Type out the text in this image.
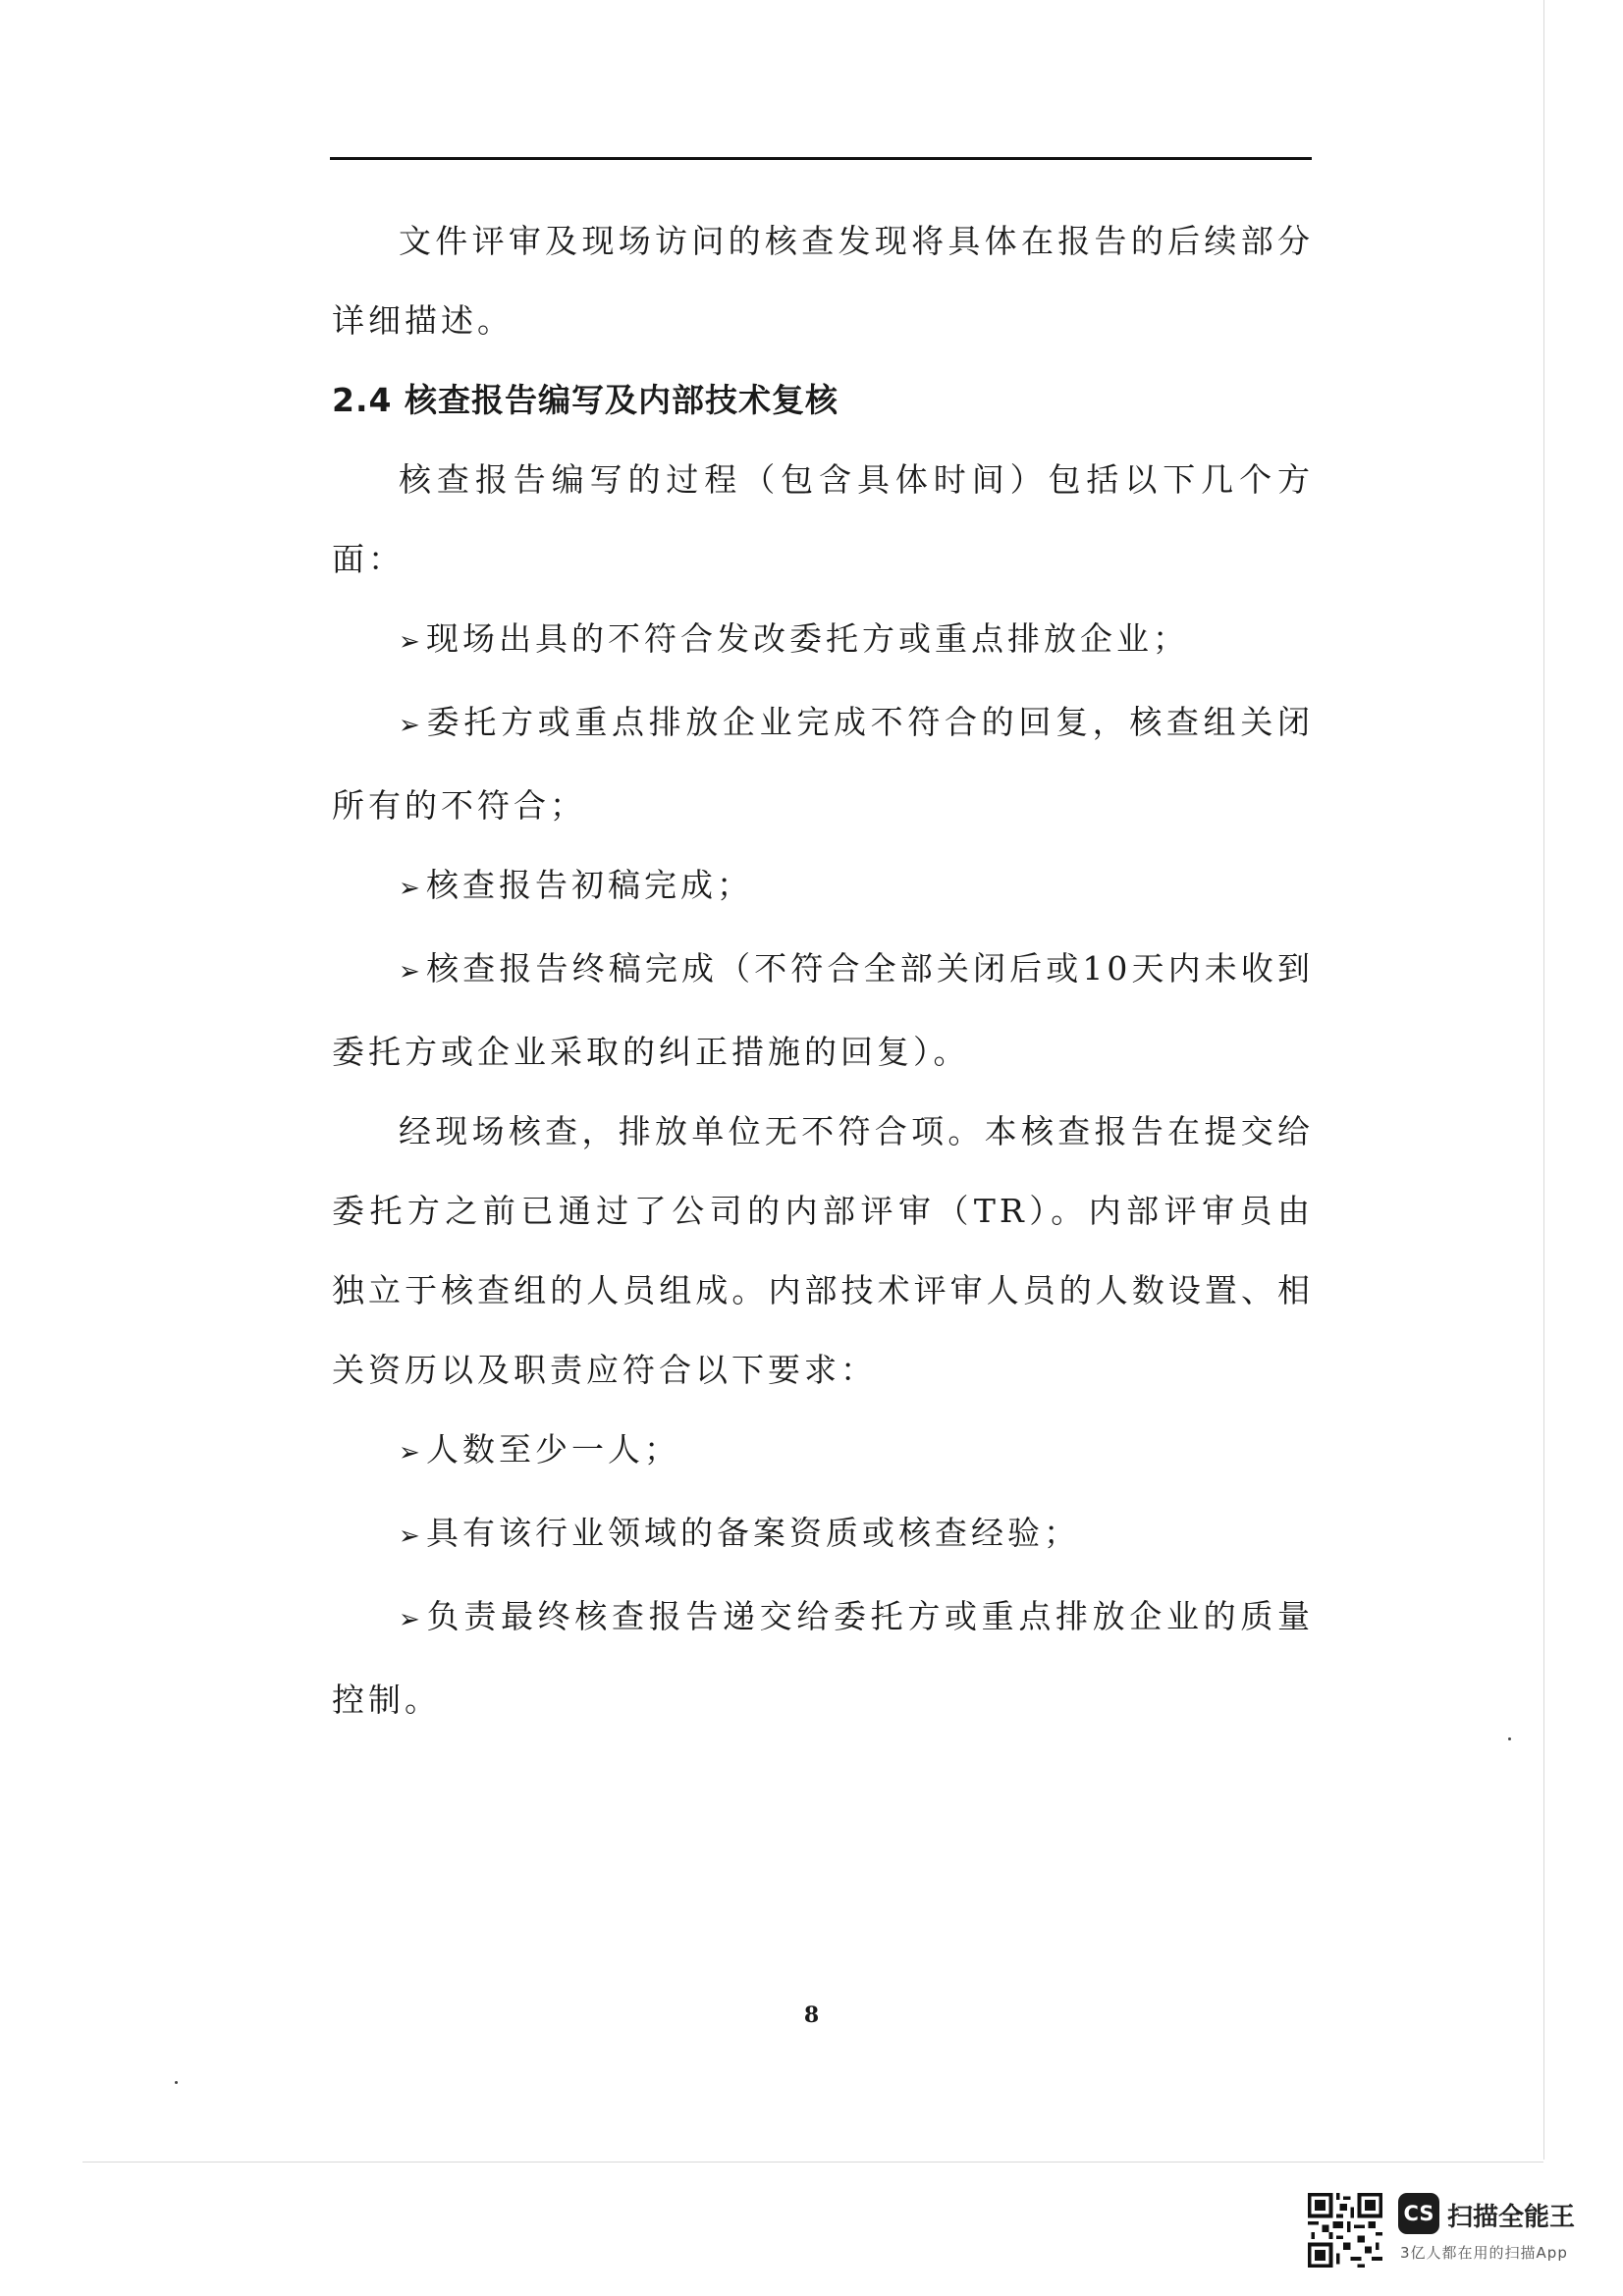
文件评审及现场访问的核查发现将具体在报告的后续部分详细描述。

2.4 核查报告编写及内部技术复核

核查报告编写的过程（包含具体时间）包括以下几个方面：

➢ 现场出具的不符合发改委托方或重点排放企业；

➢ 委托方或重点排放企业完成不符合的回复，核查组关闭所有的不符合；

➢ 核查报告初稿完成；

➢ 核查报告终稿完成（不符合全部关闭后或10天内未收到委托方或企业采取的纠正措施的回复）。

经现场核查，排放单位无不符合项。本核查报告在提交给委托方之前已通过了公司的内部评审（TR）。内部评审员由独立于核查组的人员组成。内部技术评审人员的人数设置、相关资历以及职责应符合以下要求：

➢ 人数至少一人；

➢ 具有该行业领域的备案资质或核查经验；

➢ 负责最终核查报告递交给委托方或重点排放企业的质量控制。

8
CS 扫描全能王
3亿人都在用的扫描App
